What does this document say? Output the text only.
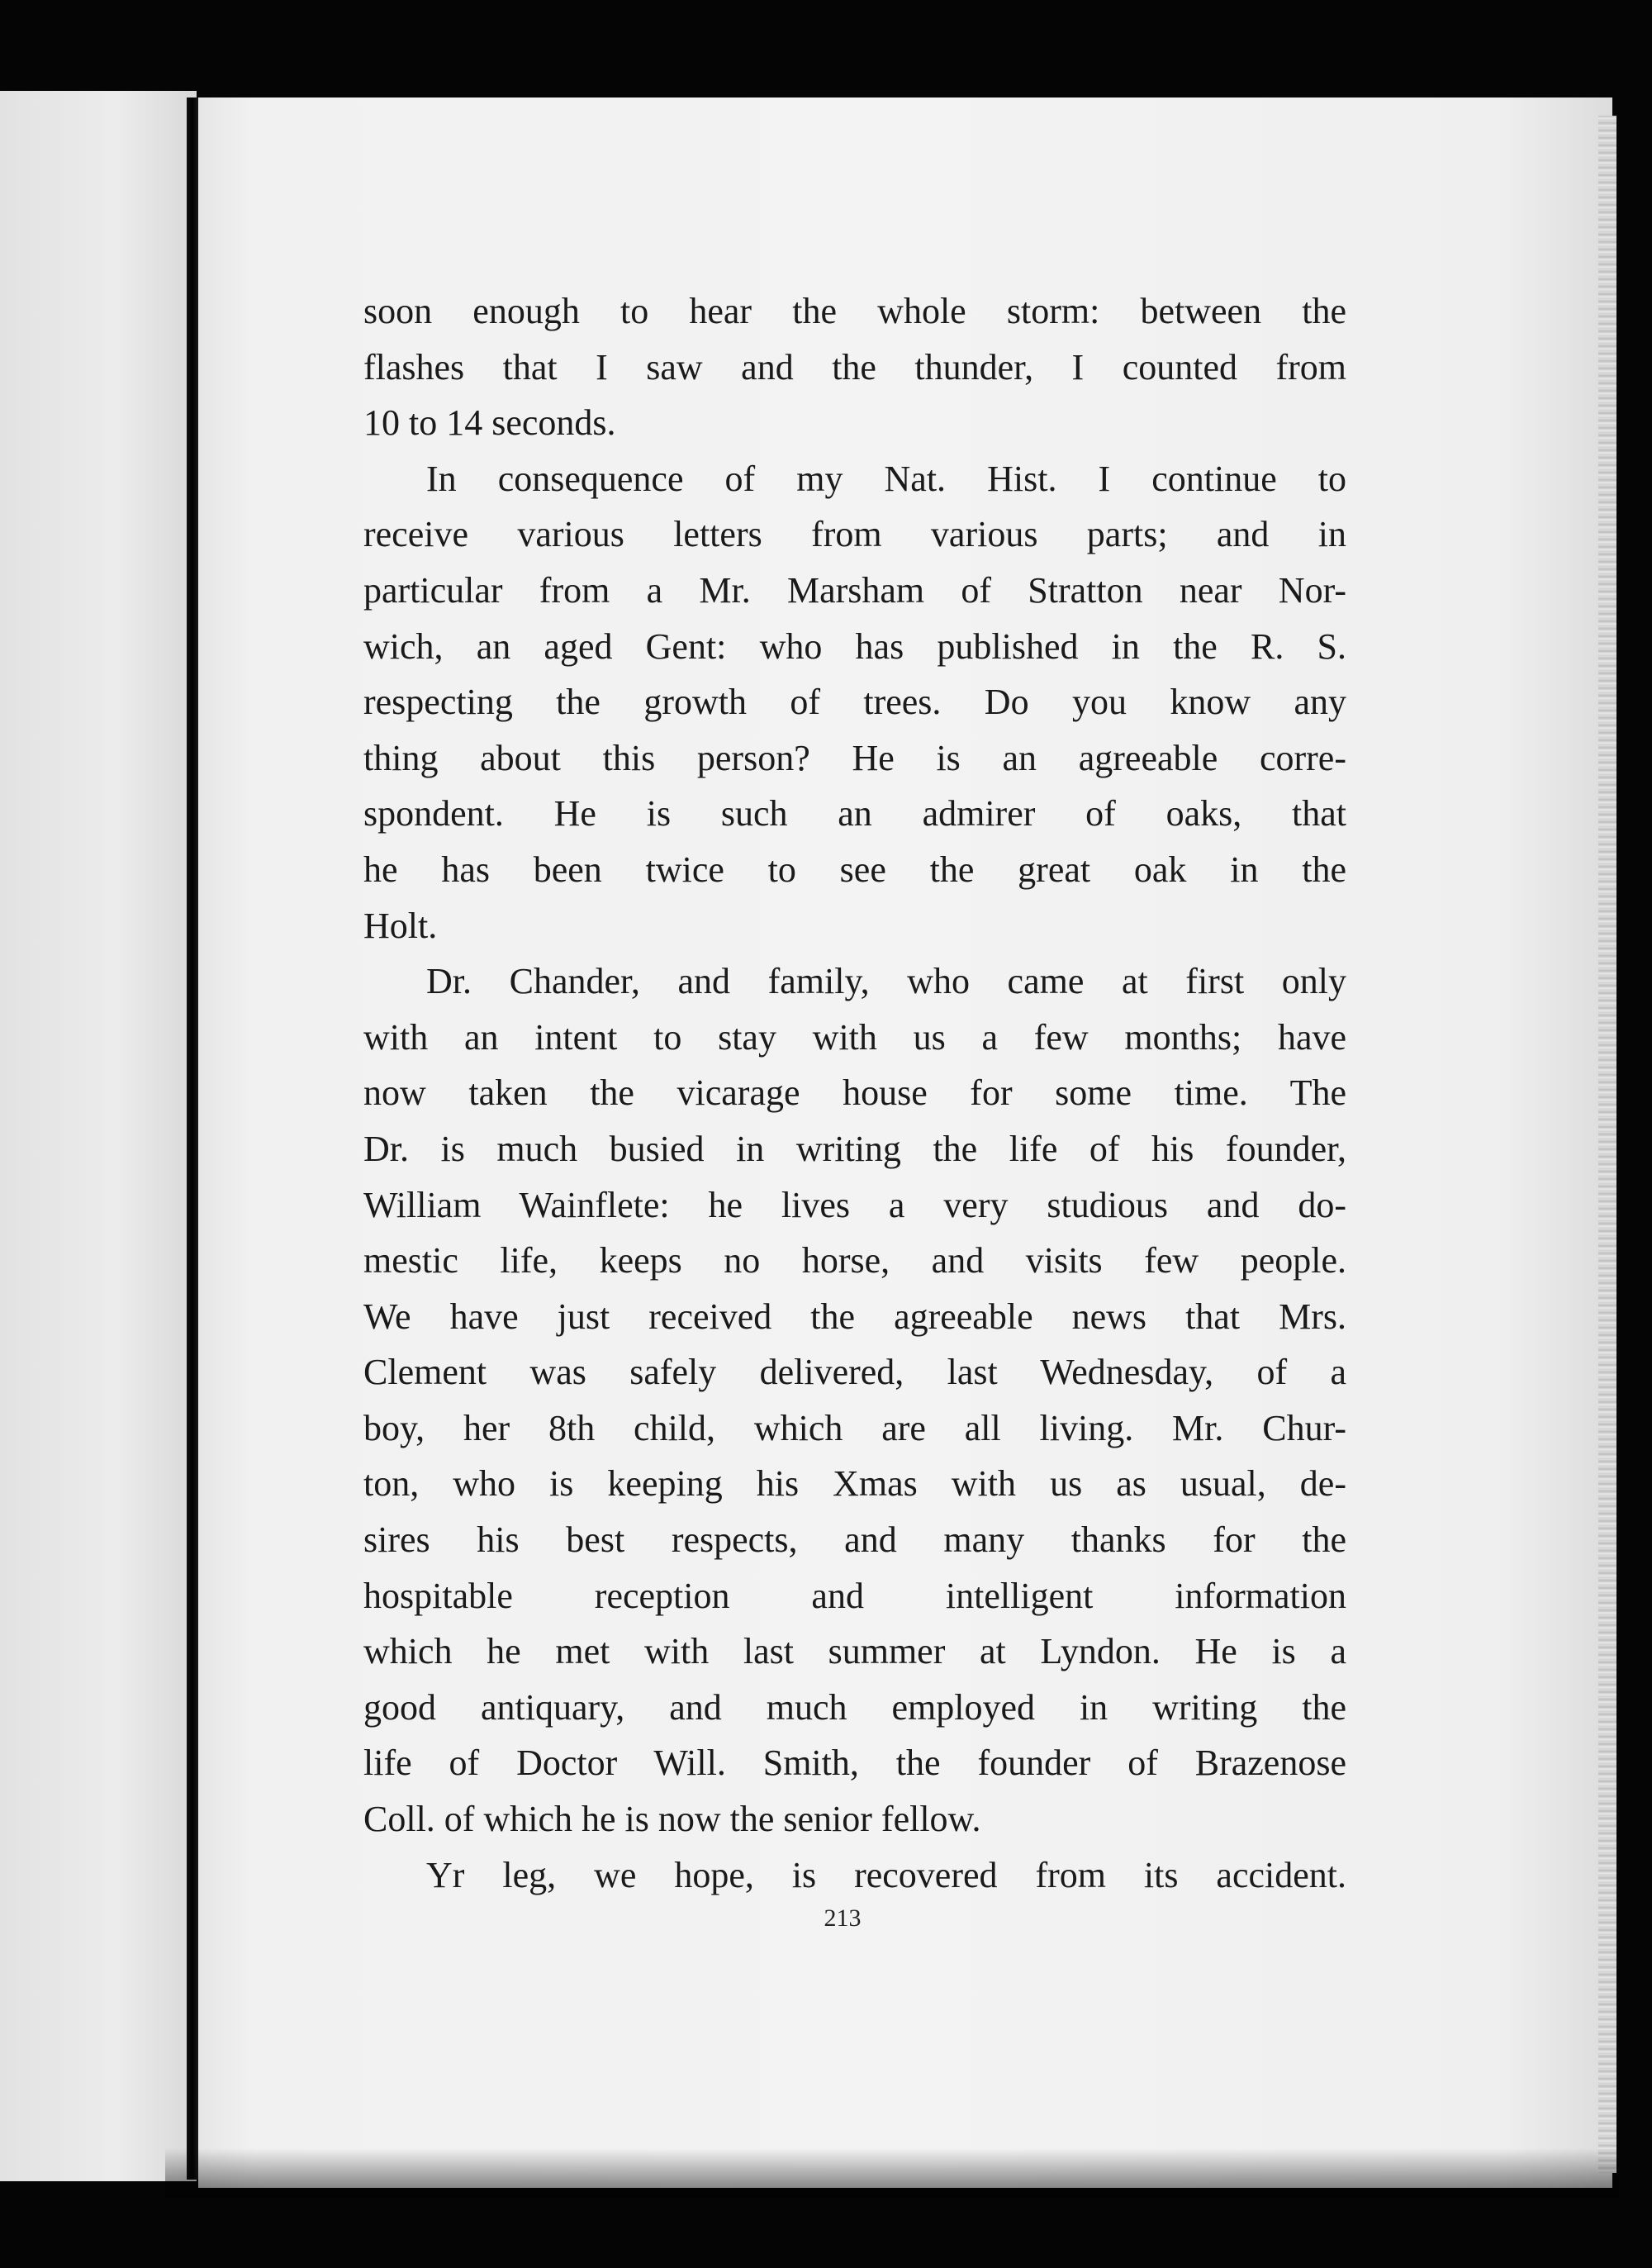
soon enough to hear the whole storm: between the
flashes that I saw and the thunder, I counted from
10 to 14 seconds.
In consequence of my Nat. Hist. I continue to
receive various letters from various parts; and in
particular from a Mr. Marsham of Stratton near Nor-
wich, an aged Gent: who has published in the R. S.
respecting the growth of trees. Do you know any
thing about this person? He is an agreeable corre-
spondent. He is such an admirer of oaks, that
he has been twice to see the great oak in the
Holt.
Dr. Chander, and family, who came at first only
with an intent to stay with us a few months; have
now taken the vicarage house for some time. The
Dr. is much busied in writing the life of his founder,
William Wainflete: he lives a very studious and do-
mestic life, keeps no horse, and visits few people.
We have just received the agreeable news that Mrs.
Clement was safely delivered, last Wednesday, of a
boy, her 8th child, which are all living. Mr. Chur-
ton, who is keeping his Xmas with us as usual, de-
sires his best respects, and many thanks for the
hospitable reception and intelligent information
which he met with last summer at Lyndon. He is a
good antiquary, and much employed in writing the
life of Doctor Will. Smith, the founder of Brazenose
Coll. of which he is now the senior fellow.
Yr leg, we hope, is recovered from its accident.
213
